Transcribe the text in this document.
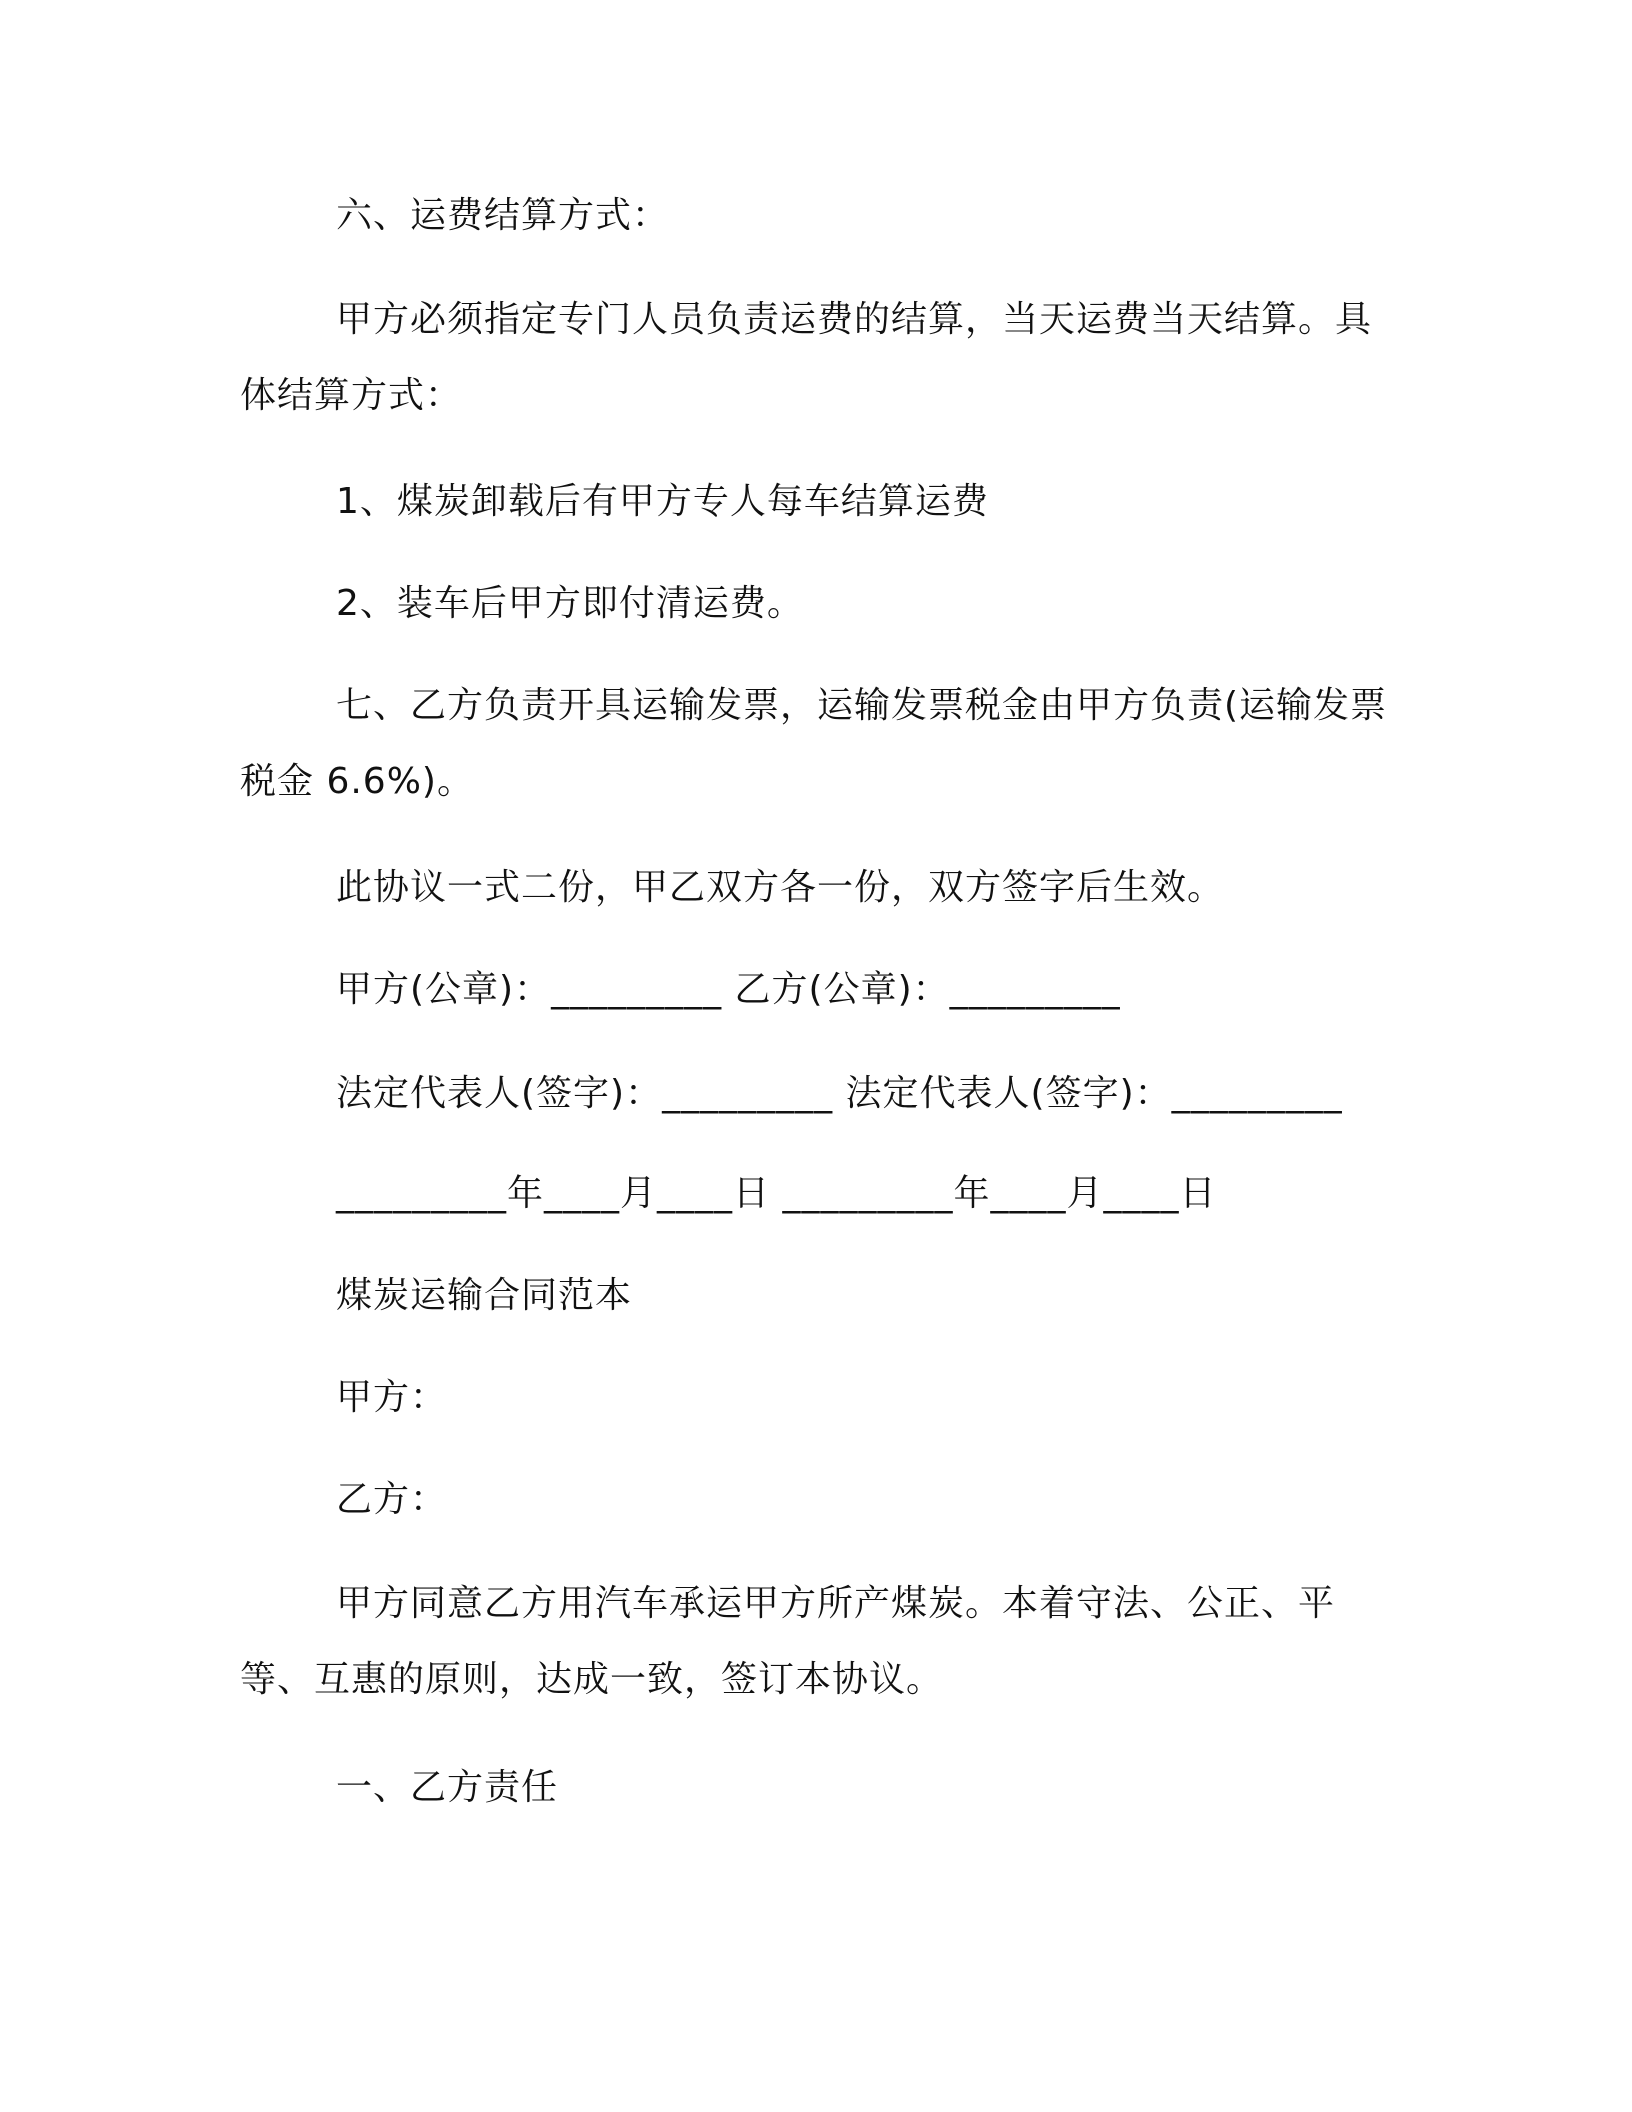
六、运费结算方式：

甲方必须指定专门人员负责运费的结算，当天运费当天结算。具体结算方式：

1、煤炭卸载后有甲方专人每车结算运费

2、装车后甲方即付清运费。

七、乙方负责开具运输发票，运输发票税金由甲方负责(运输发票税金 6.6%)。

此协议一式二份，甲乙双方各一份，双方签字后生效。

甲方(公章)：_________ 乙方(公章)：_________

法定代表人(签字)：_________ 法定代表人(签字)：_________

_________年____月____日 _________年____月____日

煤炭运输合同范本

甲方：

乙方：

甲方同意乙方用汽车承运甲方所产煤炭。本着守法、公正、平等、互惠的原则，达成一致，签订本协议。

一、乙方责任
